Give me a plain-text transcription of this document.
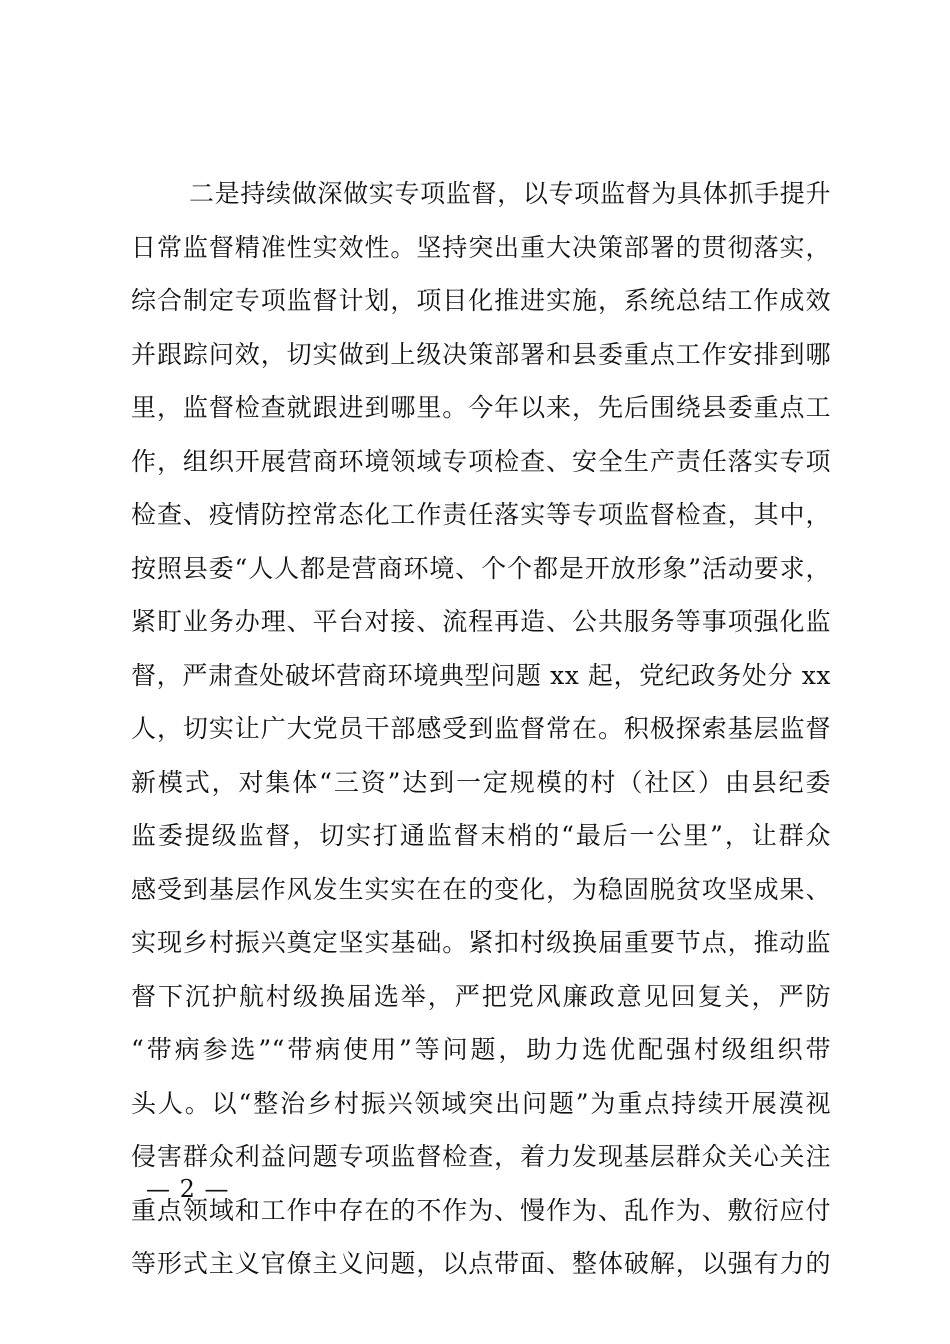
二是持续做深做实专项监督，以专项监督为具体抓手提升
日常监督精准性实效性。坚持突出重大决策部署的贯彻落实，
综合制定专项监督计划，项目化推进实施，系统总结工作成效
并跟踪问效，切实做到上级决策部署和县委重点工作安排到哪
里，监督检查就跟进到哪里。今年以来，先后围绕县委重点工
作，组织开展营商环境领域专项检查、安全生产责任落实专项
检查、疫情防控常态化工作责任落实等专项监督检查，其中，
按照县委“人人都是营商环境、个个都是开放形象”活动要求，
紧盯业务办理、平台对接、流程再造、公共服务等事项强化监
督，严肃查处破坏营商环境典型问题 xx 起，党纪政务处分 xx
人，切实让广大党员干部感受到监督常在。积极探索基层监督
新模式，对集体“三资”达到一定规模的村（社区）由县纪委
监委提级监督，切实打通监督末梢的“最后一公里”，让群众
感受到基层作风发生实实在在的变化，为稳固脱贫攻坚成果、
实现乡村振兴奠定坚实基础。紧扣村级换届重要节点，推动监
督下沉护航村级换届选举，严把党风廉政意见回复关，严防
“带病参选”“带病使用”等问题，助力选优配强村级组织带
头人。以“整治乡村振兴领域突出问题”为重点持续开展漠视
侵害群众利益问题专项监督检查，着力发现基层群众关心关注
重点领域和工作中存在的不作为、慢作为、乱作为、敷衍应付
等形式主义官僚主义问题，以点带面、整体破解，以强有力的
— 2 —
